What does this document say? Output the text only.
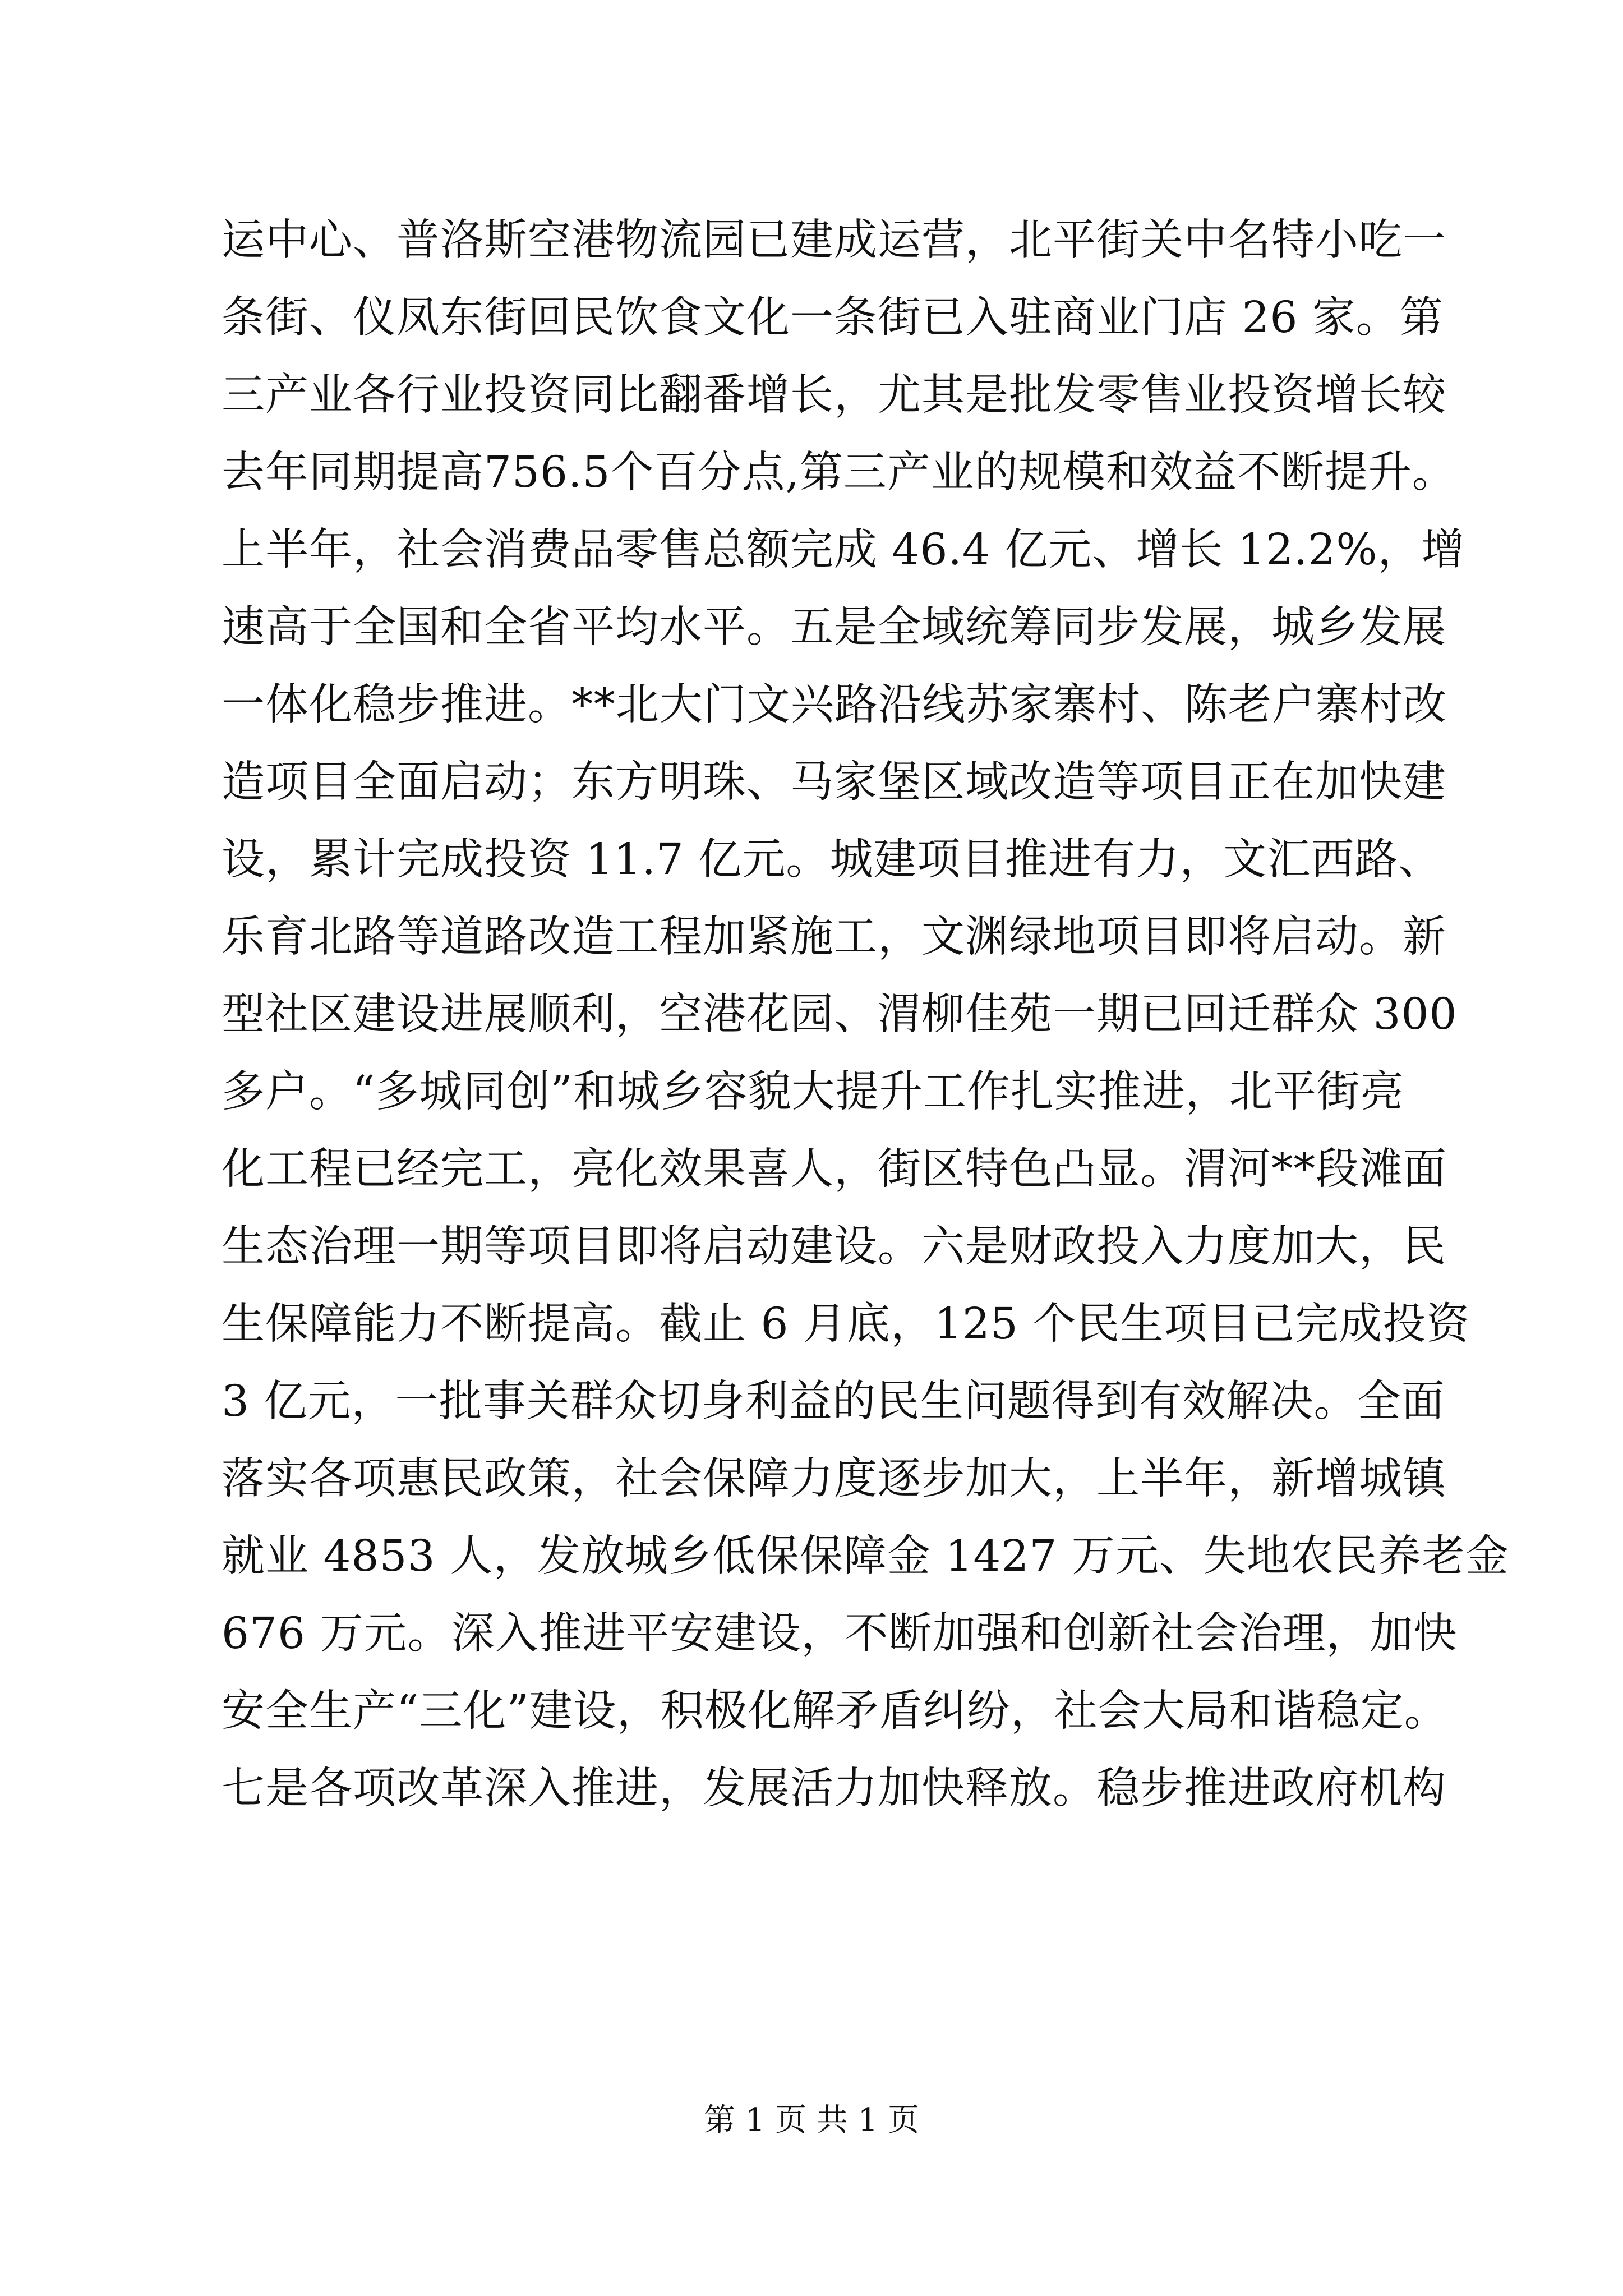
运中心、普洛斯空港物流园已建成运营，北平街关中名特小吃一
条街、仪凤东街回民饮食文化一条街已入驻商业门店 26 家。第
三产业各行业投资同比翻番增长，尤其是批发零售业投资增长较
去年同期提高756.5个百分点,第三产业的规模和效益不断提升。
上半年，社会消费品零售总额完成 46.4 亿元、增长 12.2%，增
速高于全国和全省平均水平。五是全域统筹同步发展，城乡发展
一体化稳步推进。**北大门文兴路沿线苏家寨村、陈老户寨村改
造项目全面启动；东方明珠、马家堡区域改造等项目正在加快建
设，累计完成投资 11.7 亿元。城建项目推进有力，文汇西路、
乐育北路等道路改造工程加紧施工，文渊绿地项目即将启动。新
型社区建设进展顺利，空港花园、渭柳佳苑一期已回迁群众 300
多户。“多城同创”和城乡容貌大提升工作扎实推进，北平街亮
化工程已经完工，亮化效果喜人，街区特色凸显。渭河**段滩面
生态治理一期等项目即将启动建设。六是财政投入力度加大，民
生保障能力不断提高。截止 6 月底，125 个民生项目已完成投资
3 亿元，一批事关群众切身利益的民生问题得到有效解决。全面
落实各项惠民政策，社会保障力度逐步加大，上半年，新增城镇
就业 4853 人，发放城乡低保保障金 1427 万元、失地农民养老金
676 万元。深入推进平安建设，不断加强和创新社会治理，加快
安全生产“三化”建设，积极化解矛盾纠纷，社会大局和谐稳定。
七是各项改革深入推进，发展活力加快释放。稳步推进政府机构
第 1 页 共 1 页
